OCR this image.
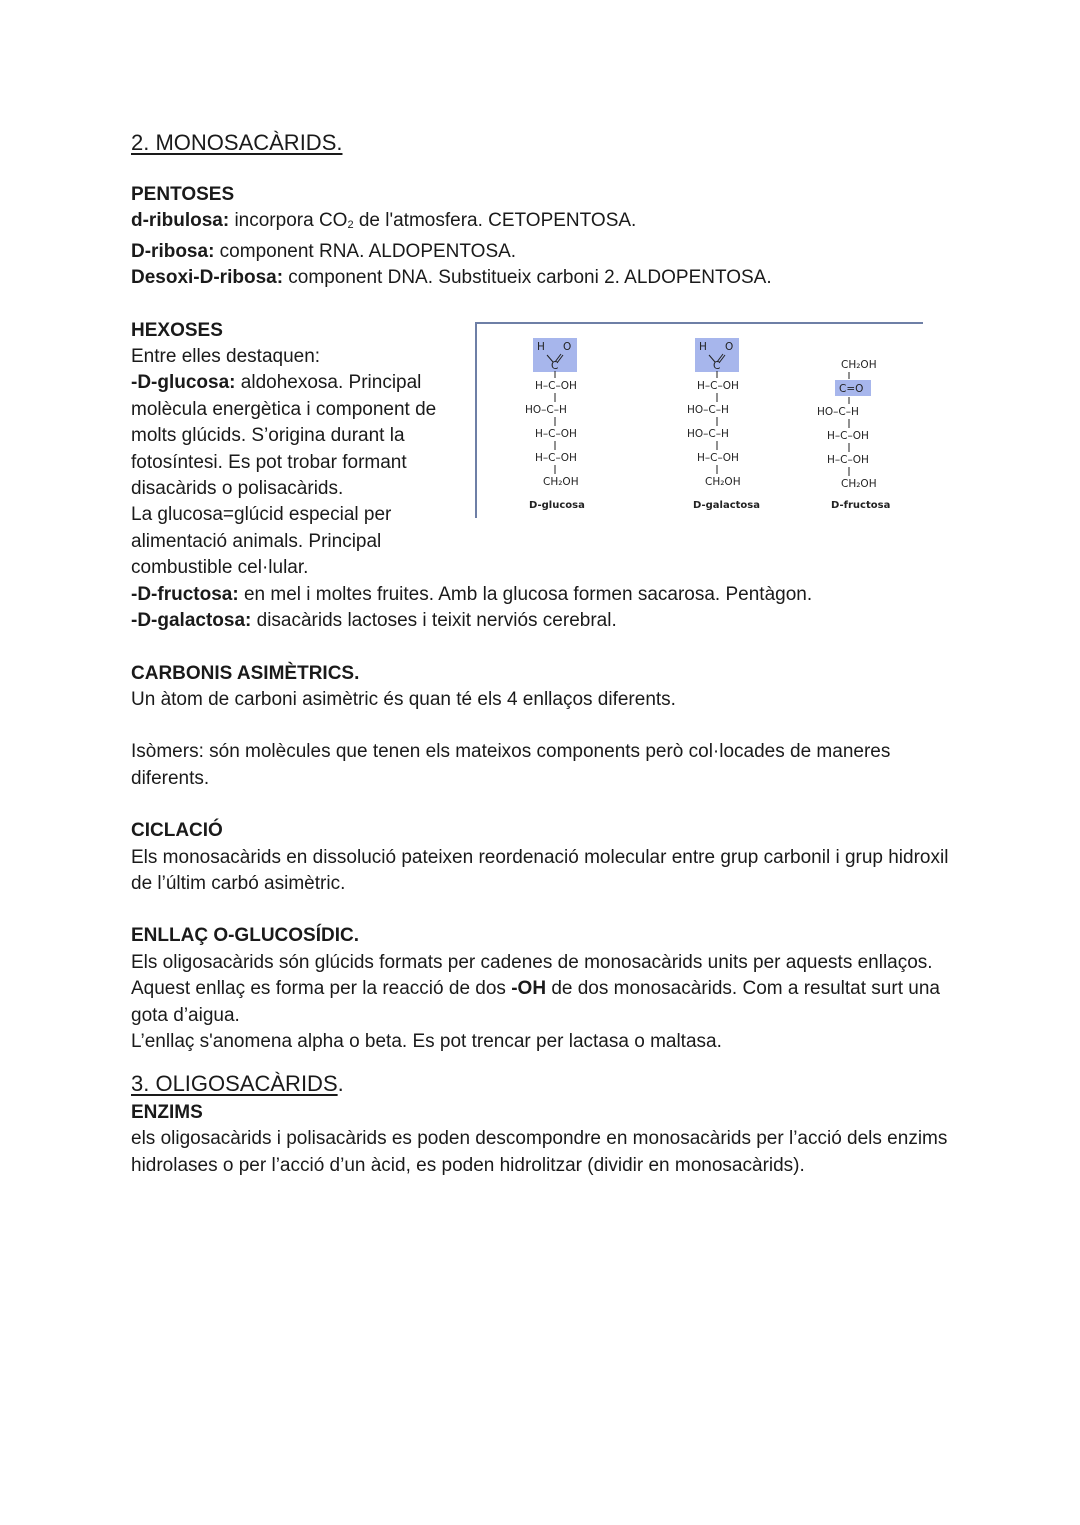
2. MONOSACÀRIDS.

PENTOSES

d-ribulosa: incorpora $CO_2$ de l'atmosfera. CETOPENTOSA.

D-ribosa: component RNA. ALDOPENTOSA.

Desoxi-D-ribosa: component DNA. Substitueix carboni 2. ALDOPENTOSA.

HEXOSES

Entre elles destaquen:

-D-glucosa: aldohexosa. Principal molècula energètica i component de molts glúcids. S’origina durant la fotosíntesi. Es pot trobar formant disacàrids o polisacàrids.

La glucosa=glúcid especial per alimentació animals. Principal combustible cel·lular.

H O
C
H–C–OH
HO–C–H
H–C–OH
H–C–OH
CH₂OH
D-glucosa
H O
C
H–C–OH
HO–C–H
HO–C–H
H–C–OH
CH₂OH
D-galactosa
CH₂OH
C=O
HO–C–H
H–C–OH
H–C–OH
CH₂OH
D-fructosa

-D-fructosa: en mel i moltes fruites. Amb la glucosa formen sacarosa. Pentàgon.

-D-galactosa: disacàrids lactoses i teixit nerviós cerebral.

CARBONIS ASIMÈTRICS.

Un àtom de carboni asimètric és quan té els 4 enllaços diferents.

Isòmers: són molècules que tenen els mateixos components però col·locades de maneres diferents.

CICLACIÓ

Els monosacàrids en dissolució pateixen reordenació molecular entre grup carbonil i grup hidroxil de l’últim carbó asimètric.

ENLLAÇ O-GLUCOSÍDIC.

Els oligosacàrids són glúcids formats per cadenes de monosacàrids units per aquests enllaços.

Aquest enllaç es forma per la reacció de dos -OH de dos monosacàrids. Com a resultat surt una gota d’aigua.

L’enllaç s'anomena alpha o beta. Es pot trencar per lactasa o maltasa.

3. OLIGOSACÀRIDS

.

ENZIMS

els oligosacàrids i polisacàrids es poden descompondre en monosacàrids per l’acció dels enzims hidrolases o per l’acció d’un àcid, es poden hidrolitzar (dividir en monosacàrids).
